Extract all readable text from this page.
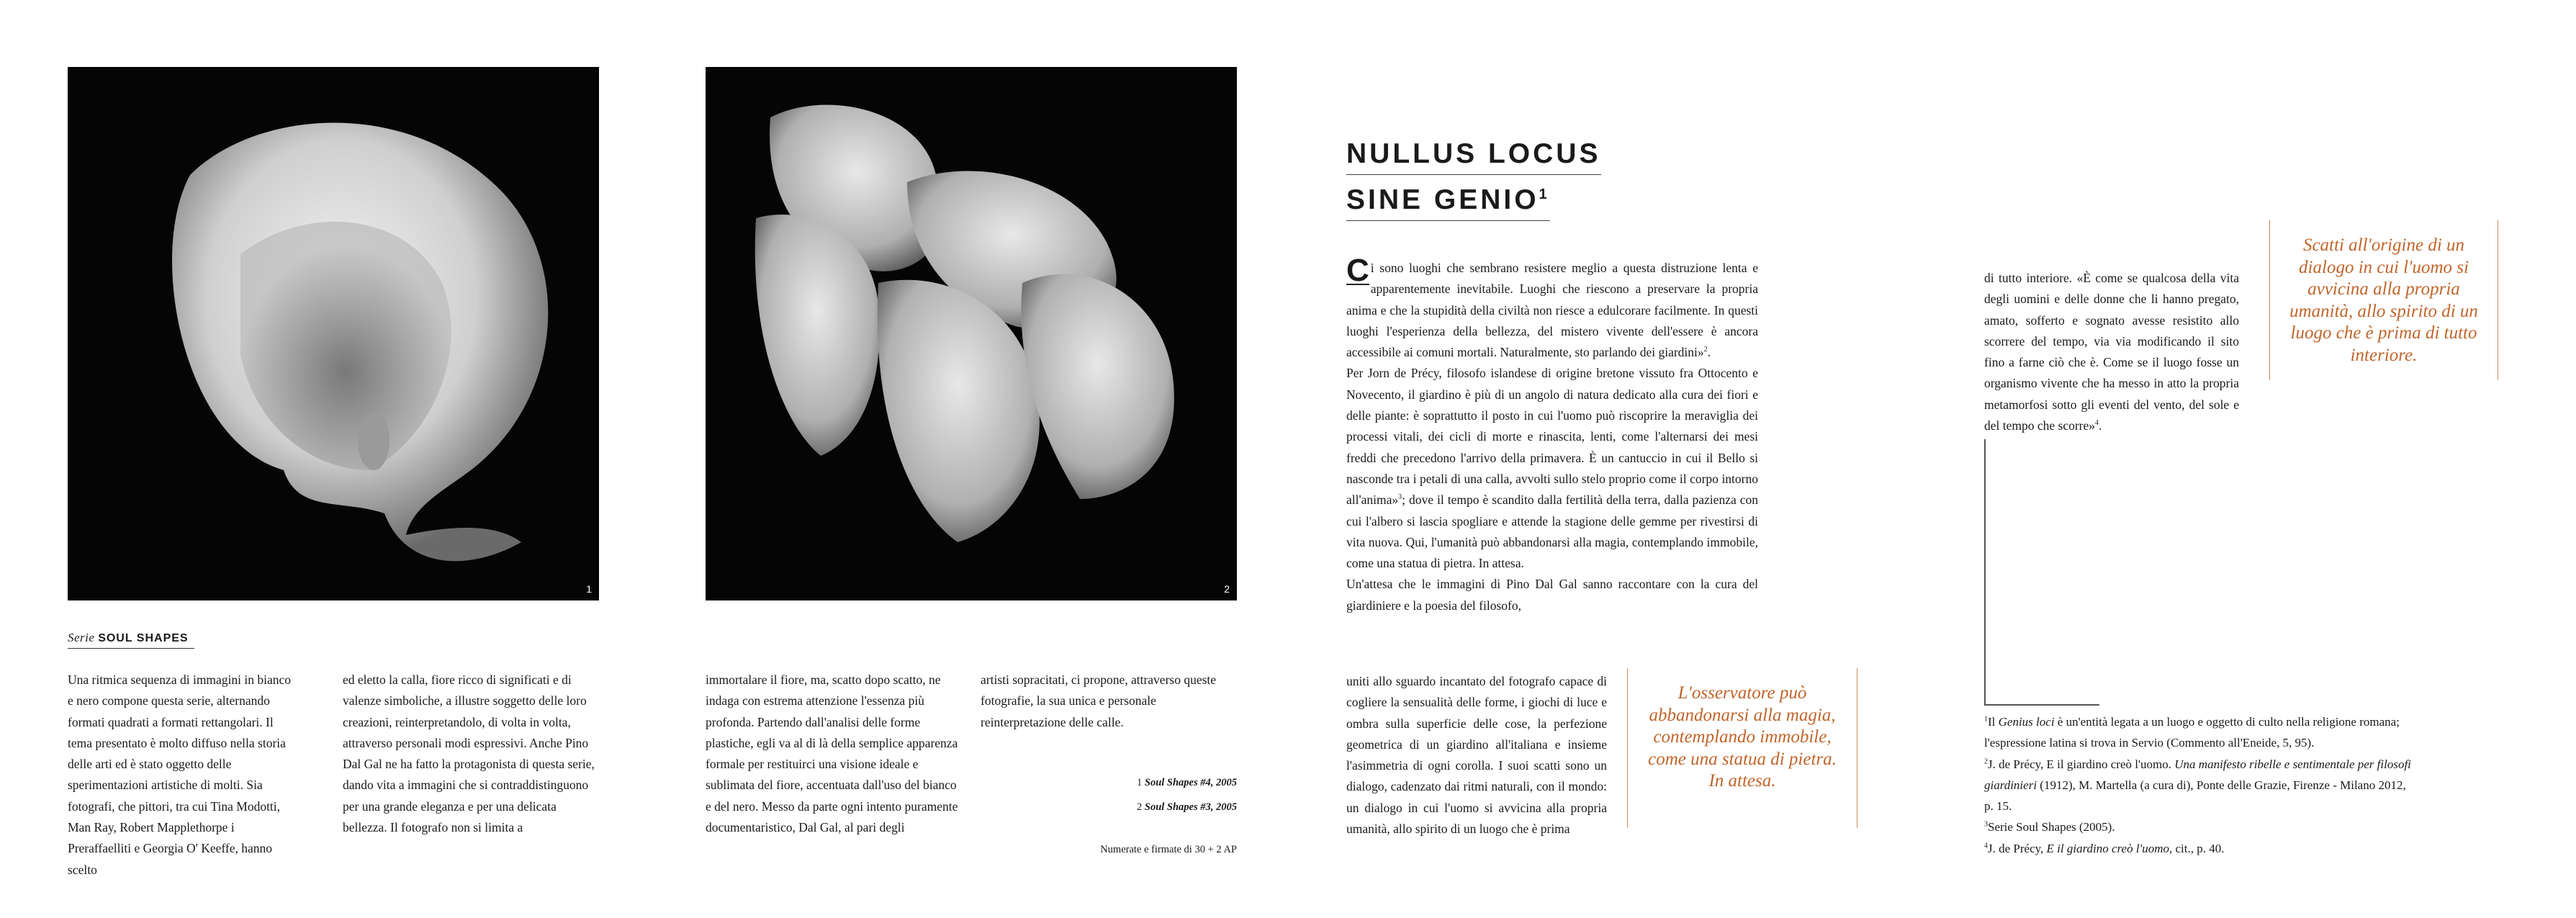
1	2
Serie SOUL SHAPES
Una ritmica sequenza di immagini in bianco e nero compone questa serie, alternando formati quadrati a formati rettangolari. Il tema presentato è molto diffuso nella storia delle arti ed è stato oggetto delle sperimentazioni artistiche di molti. Sia fotografi, che pittori, tra cui Tina Modotti, Man Ray, Robert Mapplethorpe i Preraffaelliti e Georgia O' Keeffe, hanno scelto
ed eletto la calla, fiore ricco di significati e di valenze simboliche, a illustre soggetto delle loro creazioni, reinterpretandolo, di volta in volta, attraverso personali modi espressivi. Anche Pino Dal Gal ne ha fatto la protagonista di questa serie, dando vita a immagini che si contraddistinguono per una grande eleganza e per una delicata bellezza. Il fotografo non si limita a
immortalare il fiore, ma, scatto dopo scatto, ne indaga con estrema attenzione l'essenza più profonda. Partendo dall'analisi delle forme plastiche, egli va al di là della semplice apparenza formale per restituirci una visione ideale e sublimata del fiore, accentuata dall'uso del bianco e del nero. Messo da parte ogni intento puramente documentaristico, Dal Gal, al pari degli
artisti sopracitati, ci propone, attraverso queste fotografie, la sua unica e personale reinterpretazione delle calle.
1 Soul Shapes #4, 2005
2 Soul Shapes #3, 2005
Numerate e firmate di 30 + 2 AP
NULLUS LOCUS
SINE GENIO$^1$

C i sono luoghi che sembrano resistere meglio a questa distruzione lenta e apparentemente inevitabile. Luoghi che riescono a preservare la propria anima e che la stupidità della civiltà non riesce a edulcorare facilmente. In questi luoghi l'esperienza della bellezza, del mistero vivente dell'essere è ancora accessibile ai comuni mortali. Naturalmente, sto parlando dei giardini»$^2$.

Per Jorn de Précy, filosofo islandese di origine bretone vissuto fra Ottocento e Novecento, il giardino è più di un angolo di natura dedicato alla cura dei fiori e delle piante: è soprattutto il posto in cui l'uomo può riscoprire la meraviglia dei processi vitali, dei cicli di morte e rinascita, lenti, come l'alternarsi dei mesi freddi che precedono l'arrivo della primavera. È un cantuccio in cui il Bello si nasconde tra i petali di una calla, avvolti sullo stelo proprio come il corpo intorno all'anima»$^3$; dove il tempo è scandito dalla fertilità della terra, dalla pazienza con cui l'albero si lascia spogliare e attende la stagione delle gemme per rivestirsi di vita nuova. Qui, l'umanità può abbandonarsi alla magia, contemplando immobile, come una statua di pietra. In attesa.

Un'attesa che le immagini di Pino Dal Gal sanno raccontare con la cura del giardiniere e la poesia del filosofo,

uniti allo sguardo incantato del fotografo capace di cogliere la sensualità delle forme, i giochi di luce e ombra sulla superficie delle cose, la perfezione geometrica di un giardino all'italiana e insieme l'asimmetria di ogni corolla. I suoi scatti sono un dialogo, cadenzato dai ritmi naturali, con il mondo: un dialogo in cui l'uomo si avvicina alla propria umanità, allo spirito di un luogo che è prima
L'osservatore può abbandonarsi alla magia, contemplando immobile, come una statua di pietra. In attesa.
di tutto interiore. «È come se qualcosa della vita degli uomini e delle donne che li hanno pregato, amato, sofferto e sognato avesse resistito allo scorrere del tempo, via via modificando il sito fino a farne ciò che è. Come se il luogo fosse un organismo vivente che ha messo in atto la propria metamorfosi sotto gli eventi del vento, del sole e del tempo che scorre»$^4$.
Scatti all'origine di un dialogo in cui l'uomo si avvicina alla propria umanità, allo spirito di un luogo che è prima di tutto interiore.

$^1$Il Genius loci è un'entità legata a un luogo e oggetto di culto nella religione romana; l'espressione latina si trova in Servio (Commento all'Eneide, 5, 95).

$^2$J. de Précy, E il giardino creò l'uomo. Una manifesto ribelle e sentimentale per filosofi giardinieri (1912), M. Martella (a cura di), Ponte delle Grazie, Firenze - Milano 2012, p. 15.

$^3$Serie Soul Shapes (2005).

$^4$J. de Précy, E il giardino creò l'uomo, cit., p. 40.
